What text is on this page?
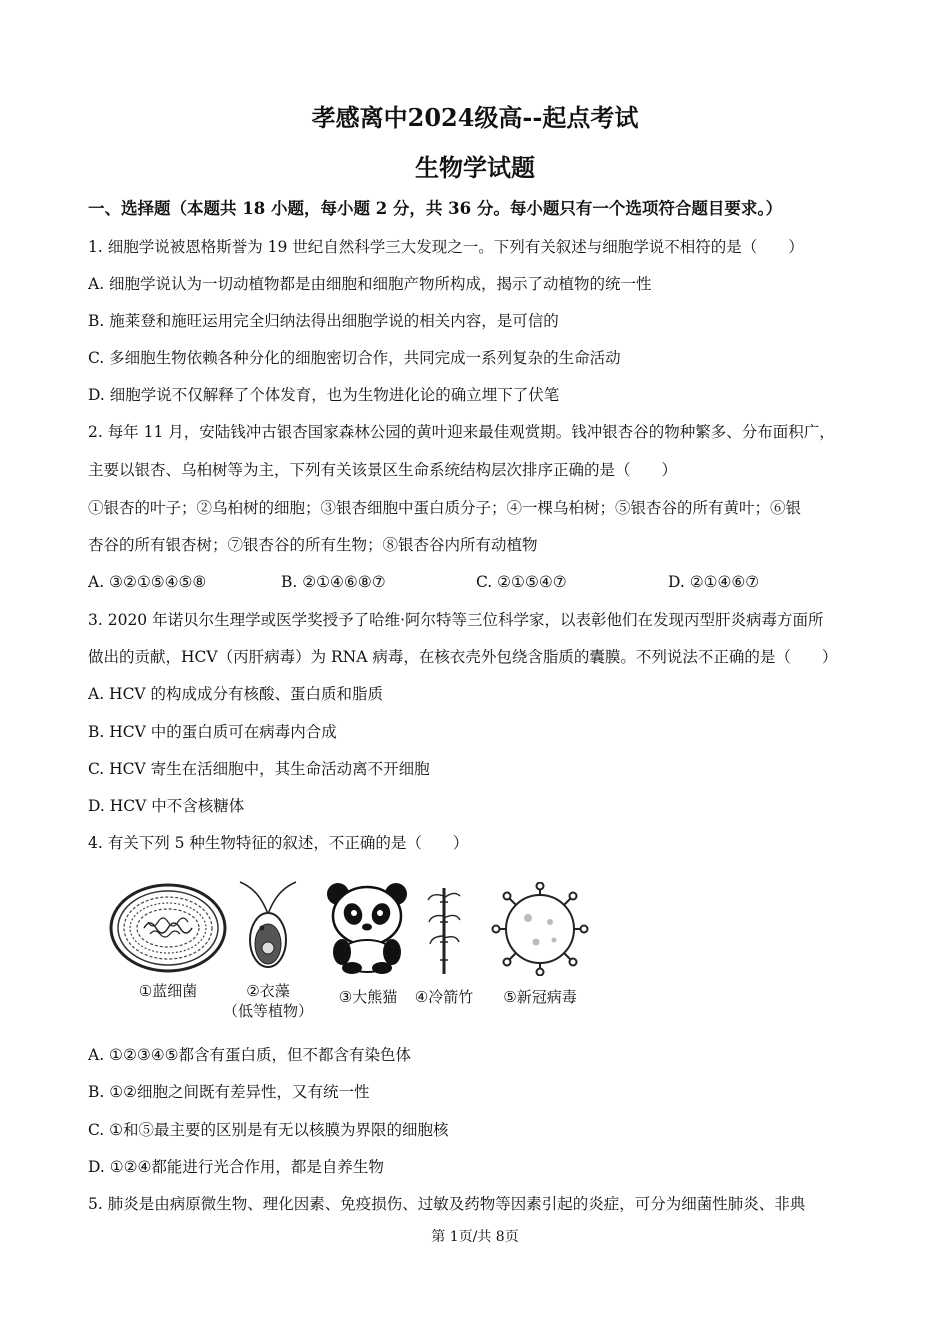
孝感离中2024级高--起点考试
生物学试题
一、选择题（本题共 18 小题，每小题 2 分，共 36 分。每小题只有一个选项符合题目要求。）
1. 细胞学说被恩格斯誉为 19 世纪自然科学三大发现之一。下列有关叙述与细胞学说不相符的是（　　）
A. 细胞学说认为一切动植物都是由细胞和细胞产物所构成，揭示了动植物的统一性
B. 施莱登和施旺运用完全归纳法得出细胞学说的相关内容，是可信的
C. 多细胞生物依赖各种分化的细胞密切合作，共同完成一系列复杂的生命活动
D. 细胞学说不仅解释了个体发育，也为生物进化论的确立埋下了伏笔
2. 每年 11 月，安陆钱冲古银杏国家森林公园的黄叶迎来最佳观赏期。钱冲银杏谷的物种繁多、分布面积广，
主要以银杏、乌桕树等为主，下列有关该景区生命系统结构层次排序正确的是（　　）
①银杏的叶子；②乌桕树的细胞；③银杏细胞中蛋白质分子；④一棵乌桕树；⑤银杏谷的所有黄叶；⑥银
杏谷的所有银杏树；⑦银杏谷的所有生物；⑧银杏谷内所有动植物
A. ③②①⑤④⑤⑧	B. ②①④⑥⑧⑦	C. ②①⑤④⑦	D. ②①④⑥⑦
3. 2020 年诺贝尔生理学或医学奖授予了哈维·阿尔特等三位科学家，以表彰他们在发现丙型肝炎病毒方面所
做出的贡献，HCV（丙肝病毒）为 RNA 病毒，在核衣壳外包绕含脂质的囊膜。不列说法不正确的是（　　）
A. HCV 的构成成分有核酸、蛋白质和脂质
B. HCV 中的蛋白质可在病毒内合成
C. HCV 寄生在活细胞中，其生命活动离不开细胞
D. HCV 中不含核糖体
4. 有关下列 5 种生物特征的叙述，不正确的是（　　）
①蓝细菌	②衣藻
（低等植物）
③大熊猫	④冷箭竹	⑤新冠病毒
A. ①②③④⑤都含有蛋白质，但不都含有染色体
B. ①②细胞之间既有差异性，又有统一性
C. ①和⑤最主要的区别是有无以核膜为界限的细胞核
D. ①②④都能进行光合作用，都是自养生物
5. 肺炎是由病原微生物、理化因素、免疫损伤、过敏及药物等因素引起的炎症，可分为细菌性肺炎、非典
第 1页/共 8页
